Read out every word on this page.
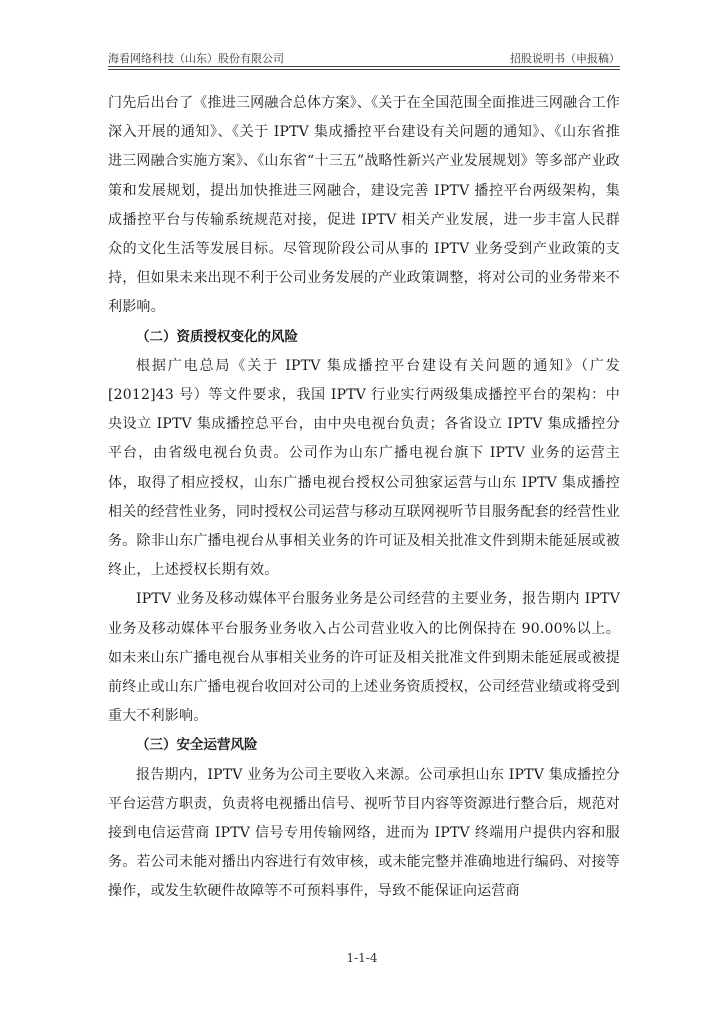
海看网络科技（山东）股份有限公司	招股说明书（申报稿）

门先后出台了《推进三网融合总体方案》、《关于在全国范围全面推进三网融合工作深入开展的通知》、《关于 IPTV 集成播控平台建设有关问题的通知》、《山东省推进三网融合实施方案》、《山东省“十三五”战略性新兴产业发展规划》等多部产业政策和发展规划，提出加快推进三网融合，建设完善 IPTV 播控平台两级架构，集成播控平台与传输系统规范对接，促进 IPTV 相关产业发展，进一步丰富人民群众的文化生活等发展目标。尽管现阶段公司从事的 IPTV 业务受到产业政策的支持，但如果未来出现不利于公司业务发展的产业政策调整，将对公司的业务带来不利影响。

（二）资质授权变化的风险

根据广电总局《关于 IPTV 集成播控平台建设有关问题的通知》（广发[2012]43 号）等文件要求，我国 IPTV 行业实行两级集成播控平台的架构：中央设立 IPTV 集成播控总平台，由中央电视台负责；各省设立 IPTV 集成播控分平台，由省级电视台负责。公司作为山东广播电视台旗下 IPTV 业务的运营主体，取得了相应授权，山东广播电视台授权公司独家运营与山东 IPTV 集成播控相关的经营性业务，同时授权公司运营与移动互联网视听节目服务配套的经营性业务。除非山东广播电视台从事相关业务的许可证及相关批准文件到期未能延展或被终止，上述授权长期有效。

IPTV 业务及移动媒体平台服务业务是公司经营的主要业务，报告期内 IPTV 业务及移动媒体平台服务业务收入占公司营业收入的比例保持在 90.00%以上。如未来山东广播电视台从事相关业务的许可证及相关批准文件到期未能延展或被提前终止或山东广播电视台收回对公司的上述业务资质授权，公司经营业绩或将受到重大不利影响。

（三）安全运营风险

报告期内，IPTV 业务为公司主要收入来源。公司承担山东 IPTV 集成播控分平台运营方职责，负责将电视播出信号、视听节目内容等资源进行整合后，规范对接到电信运营商 IPTV 信号专用传输网络，进而为 IPTV 终端用户提供内容和服务。若公司未能对播出内容进行有效审核，或未能完整并准确地进行编码、对接等操作，或发生软硬件故障等不可预料事件，导致不能保证向运营商

1-1-4
